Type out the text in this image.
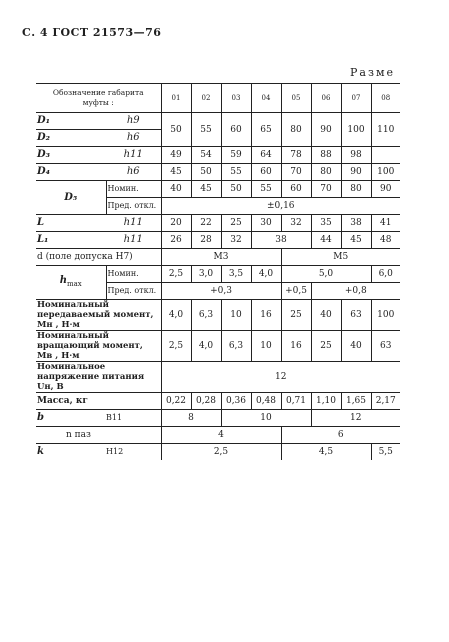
С. 4 ГОСТ 21573—76
Разме
Обозначение габарита муфты :		01	02	03	04	05	06	07	08
D₁	h9	50	55	60	65	80	90	100	110
D₂	h6								
D₃	h11	49	54	59	64	78	88	98	
D₄	h6	45	50	55	60	70	80	90	100
D₅	Номин.	40	45	50	55	60	70	80	90
	Пред. откл.	±0,16							
L	h11	20	22	25	30	32	35	38	41
L₁	h11	26	28	32	38		44	45	48
d (поле допуска H7)		M3				M5			
$h_{max}$	Номин.	2,5	3,0	3,5	4,0	5,0			6,0
	Пред. откл.	+0,3				+0,5	+0,8		
Номинальный передаваемый момент, Mн , Н·м		4,0	6,3	10	16	25	40	63	100
Номинальный вращающий момент, Mв , Н·м		2,5	4,0	6,3	10	16	25	40	63
Номинальное напряжение питания Uн, В		12							
Масса, кг		0,22	0,28	0,36	0,48	0,71	1,10	1,65	2,17
b	B11	8		10			12		
n паз		4				6			
k	H12	2,5				4,5			5,5
